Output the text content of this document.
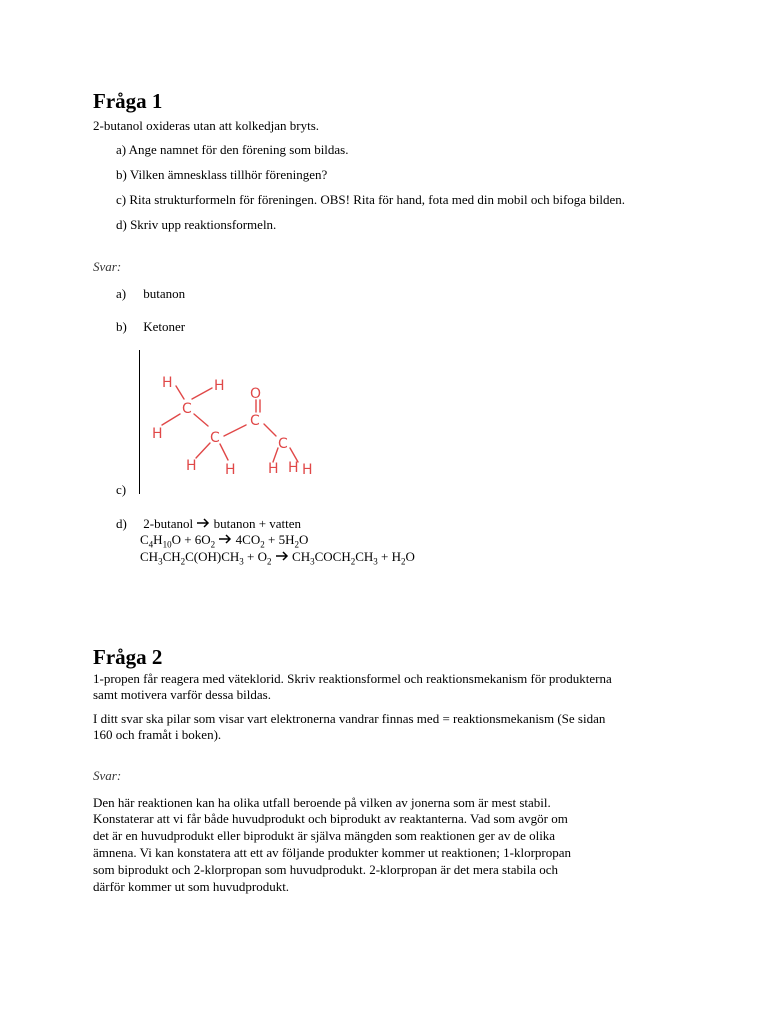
Fråga 1
2-butanol oxideras utan att kolkedjan bryts.
a) Ange namnet för den förening som bildas.
b) Vilken ämnesklass tillhör föreningen?
c) Rita strukturformeln för föreningen. OBS! Rita för hand, fota med din mobil och bifoga bilden.
d) Skriv upp reaktionsformeln.
Svar:
a) butanon
b) Ketoner
H	H
C
O
H	C
C
C
H H H H H
c)
d) 2-butanol butanon + vatten
$C_4H_{10}O + 6O_2$  $4CO_2 + 5H_2O$
$CH_3CH_2C(OH)CH_3 + O_2$  $CH_3COCH_2CH_3 + H_2O$
Fråga 2
1-propen får reagera med väteklorid. Skriv reaktionsformel och reaktionsmekanism för produkterna
samt motivera varför dessa bildas.
I ditt svar ska pilar som visar vart elektronerna vandrar finnas med = reaktionsmekanism (Se sidan
160 och framåt i boken).
Svar:
Den här reaktionen kan ha olika utfall beroende på vilken av jonerna som är mest stabil.
Konstaterar att vi får både huvudprodukt och biprodukt av reaktanterna. Vad som avgör om
det är en huvudprodukt eller biprodukt är själva mängden som reaktionen ger av de olika
ämnena. Vi kan konstatera att ett av följande produkter kommer ut reaktionen; 1-klorpropan
som biprodukt och 2-klorpropan som huvudprodukt. 2-klorpropan är det mera stabila och
därför kommer ut som huvudprodukt.
